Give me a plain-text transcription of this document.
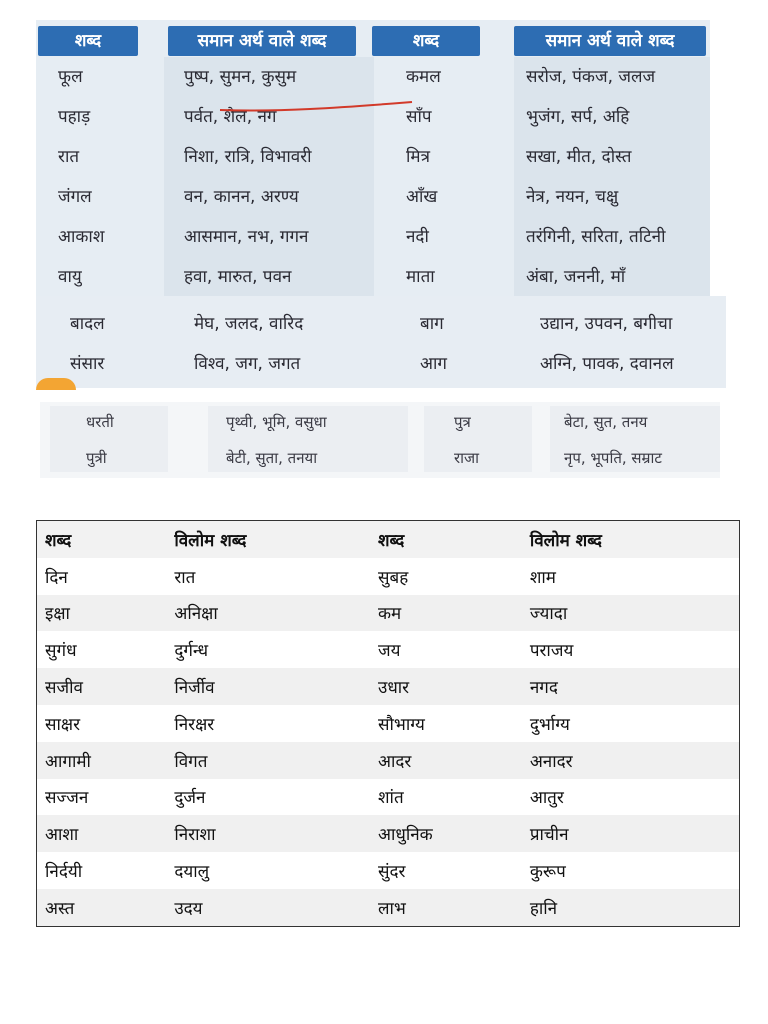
शब्द	समान अर्थ वाले शब्द	शब्द	समान अर्थ वाले शब्द
फूल	पुष्प, सुमन, कुसुम	कमल	सरोज, पंकज, जलज
पहाड़	पर्वत, शैल, नग	साँप	भुजंग, सर्प, अहि
रात	निशा, रात्रि, विभावरी	मित्र	सखा, मीत, दोस्त
जंगल	वन, कानन, अरण्य	आँख	नेत्र, नयन, चक्षु
आकाश	आसमान, नभ, गगन	नदी	तरंगिनी, सरिता, तटिनी
वायु	हवा, मारुत, पवन	माता	अंबा, जननी, माँ
बादल	मेघ, जलद, वारिद	बाग	उद्यान, उपवन, बगीचा
संसार	विश्व, जग, जगत	आग	अग्नि, पावक, दवानल
धरती	पृथ्वी, भूमि, वसुधा	पुत्र	बेटा, सुत, तनय
पुत्री	बेटी, सुता, तनया	राजा	नृप, भूपति, सम्राट
शब्द	विलोम शब्द	शब्द	विलोम शब्द
दिन	रात	सुबह	शाम
इक्षा	अनिक्षा	कम	ज्यादा
सुगंध	दुर्गन्ध	जय	पराजय
सजीव	निर्जीव	उधार	नगद
साक्षर	निरक्षर	सौभाग्य	दुर्भाग्य
आगामी	विगत	आदर	अनादर
सज्जन	दुर्जन	शांत	आतुर
आशा	निराशा	आधुनिक	प्राचीन
निर्दयी	दयालु	सुंदर	कुरूप
अस्त	उदय	लाभ	हानि
